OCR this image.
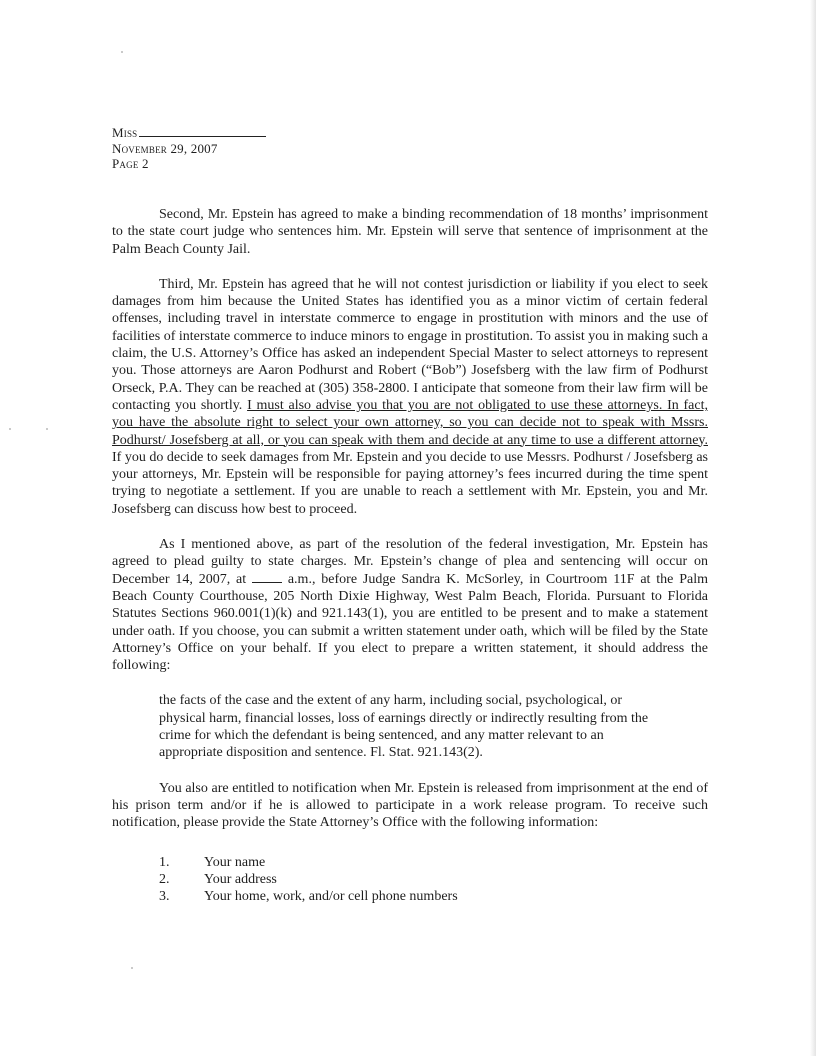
Miss
November 29, 2007
Page 2

Second, Mr. Epstein has agreed to make a binding recommendation of 18 months’ imprisonment to the state court judge who sentences him. Mr. Epstein will serve that sentence of imprisonment at the Palm Beach County Jail.

Third, Mr. Epstein has agreed that he will not contest jurisdiction or liability if you elect to seek damages from him because the United States has identified you as a minor victim of certain federal offenses, including travel in interstate commerce to engage in prostitution with minors and the use of facilities of interstate commerce to induce minors to engage in prostitution. To assist you in making such a claim, the U.S. Attorney’s Office has asked an independent Special Master to select attorneys to represent you. Those attorneys are Aaron Podhurst and Robert (“Bob”) Josefsberg with the law firm of Podhurst Orseck, P.A. They can be reached at (305) 358-2800. I anticipate that someone from their law firm will be contacting you shortly. I must also advise you that you are not obligated to use these attorneys. In fact, you have the absolute right to select your own attorney, so you can decide not to speak with Mssrs. Podhurst/ Josefsberg at all, or you can speak with them and decide at any time to use a different attorney. If you do decide to seek damages from Mr. Epstein and you decide to use Messrs. Podhurst / Josefsberg as your attorneys, Mr. Epstein will be responsible for paying attorney’s fees incurred during the time spent trying to negotiate a settlement. If you are unable to reach a settlement with Mr. Epstein, you and Mr. Josefsberg can discuss how best to proceed.

As I mentioned above, as part of the resolution of the federal investigation, Mr. Epstein has agreed to plead guilty to state charges. Mr. Epstein’s change of plea and sentencing will occur on December 14, 2007, at	a.m., before Judge Sandra K. McSorley, in Courtroom 11F at the Palm Beach County Courthouse, 205 North Dixie Highway, West Palm Beach, Florida. Pursuant to Florida Statutes Sections 960.001(1)(k) and 921.143(1), you are entitled to be present and to make a statement under oath. If you choose, you can submit a written statement under oath, which will be filed by the State Attorney’s Office on your behalf. If you elect to prepare a written statement, it should address the following:

the facts of the case and the extent of any harm, including social, psychological, or physical harm, financial losses, loss of earnings directly or indirectly resulting from the crime for which the defendant is being sentenced, and any matter relevant to an appropriate disposition and sentence. Fl. Stat. 921.143(2).

You also are entitled to notification when Mr. Epstein is released from imprisonment at the end of his prison term and/or if he is allowed to participate in a work release program. To receive such notification, please provide the State Attorney’s Office with the following information:

1.	Your name
2.	Your address
3.	Your home, work, and/or cell phone numbers
